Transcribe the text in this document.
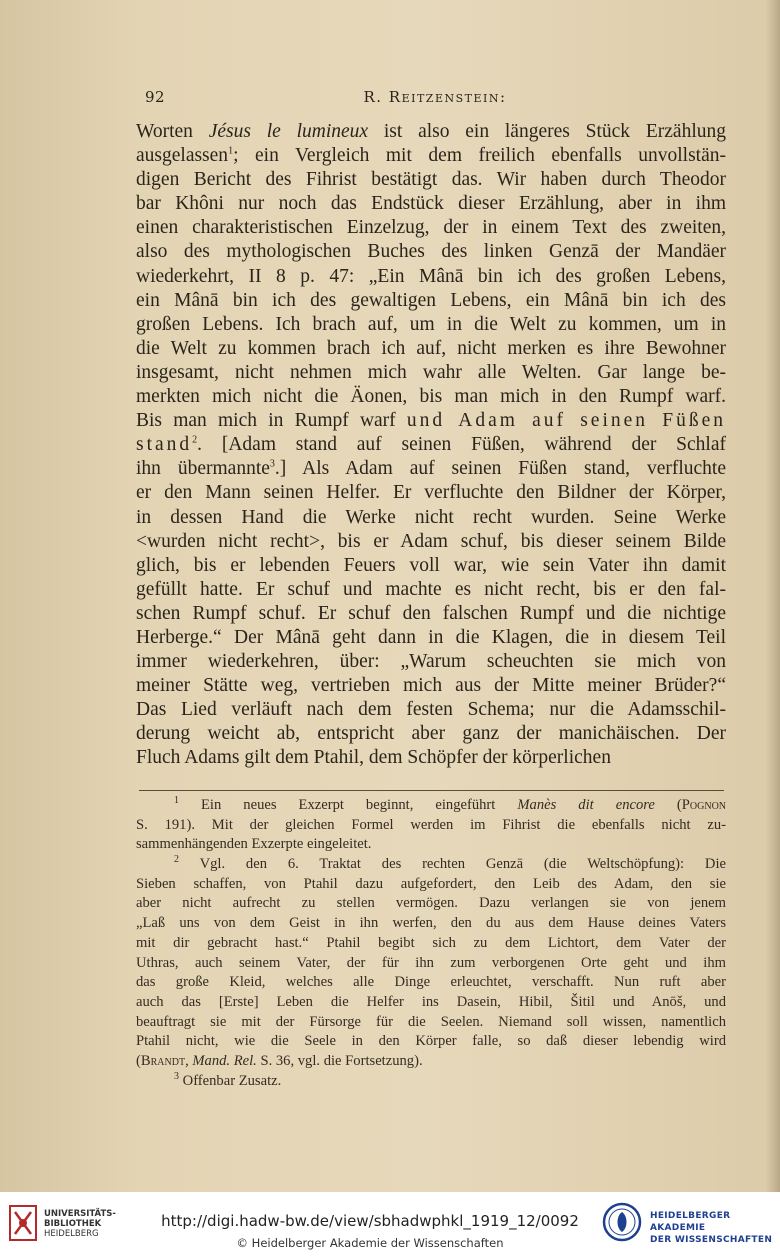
92	R. Reitzenstein:
Worten Jésus le lumineux ist also ein längeres Stück Erzählung
ausgelassen$^1$; ein Vergleich mit dem freilich ebenfalls unvollstän-
digen Bericht des Fihrist bestätigt das. Wir haben durch Theodor
bar Khôni nur noch das Endstück dieser Erzählung, aber in ihm
einen charakteristischen Einzelzug, der in einem Text des zweiten,
also des mythologischen Buches des linken Genzā der Mandäer
wiederkehrt, II 8 p. 47: „Ein Mânā bin ich des großen Lebens,
ein Mânā bin ich des gewaltigen Lebens, ein Mânā bin ich des
großen Lebens. Ich brach auf, um in die Welt zu kommen, um in
die Welt zu kommen brach ich auf, nicht merken es ihre Bewohner
insgesamt, nicht nehmen mich wahr alle Welten. Gar lange be-
merkten mich nicht die Äonen, bis man mich in den Rumpf warf.
Bis man mich in Rumpf warf und Adam auf seinen Füßen
stand$^2$. [Adam stand auf seinen Füßen, während der Schlaf
ihn übermannte$^3$.] Als Adam auf seinen Füßen stand, verfluchte
er den Mann seinen Helfer. Er verfluchte den Bildner der Körper,
in dessen Hand die Werke nicht recht wurden. Seine Werke
<wurden nicht recht>, bis er Adam schuf, bis dieser seinem Bilde
glich, bis er lebenden Feuers voll war, wie sein Vater ihn damit
gefüllt hatte. Er schuf und machte es nicht recht, bis er den fal-
schen Rumpf schuf. Er schuf den falschen Rumpf und die nichtige
Herberge.“ Der Mânā geht dann in die Klagen, die in diesem Teil
immer wiederkehren, über: „Warum scheuchten sie mich von
meiner Stätte weg, vertrieben mich aus der Mitte meiner Brüder?“
Das Lied verläuft nach dem festen Schema; nur die Adamsschil-
derung weicht ab, entspricht aber ganz der manichäischen. Der
Fluch Adams gilt dem Ptahil, dem Schöpfer der körperlichen
$^1$ Ein neues Exzerpt beginnt, eingeführt Manès dit encore (Pognon
S. 191). Mit der gleichen Formel werden im Fihrist die ebenfalls nicht zu-
sammenhängenden Exzerpte eingeleitet.
$^2$ Vgl. den 6. Traktat des rechten Genzā (die Weltschöpfung): Die
Sieben schaffen, von Ptahil dazu aufgefordert, den Leib des Adam, den sie
aber nicht aufrecht zu stellen vermögen. Dazu verlangen sie von jenem
„Laß uns von dem Geist in ihn werfen, den du aus dem Hause deines Vaters
mit dir gebracht hast.“ Ptahil begibt sich zu dem Lichtort, dem Vater der
Uthras, auch seinem Vater, der für ihn zum verborgenen Orte geht und ihm
das große Kleid, welches alle Dinge erleuchtet, verschafft. Nun ruft aber
auch das [Erste] Leben die Helfer ins Dasein, Hibil, Šitil und Anōš, und
beauftragt sie mit der Fürsorge für die Seelen. Niemand soll wissen, namentlich
Ptahil nicht, wie die Seele in den Körper falle, so daß dieser lebendig wird
(Brandt, Mand. Rel. S. 36, vgl. die Fortsetzung).
$^3$ Offenbar Zusatz.
UNIVERSITÄTS-
BIBLIOTHEK
HEIDELBERG
http://digi.hadw-bw.de/view/sbhadwphkl_1919_12/0092
© Heidelberger Akademie der Wissenschaften
HEIDELBERGER AKADEMIE
DER WISSENSCHAFTEN
